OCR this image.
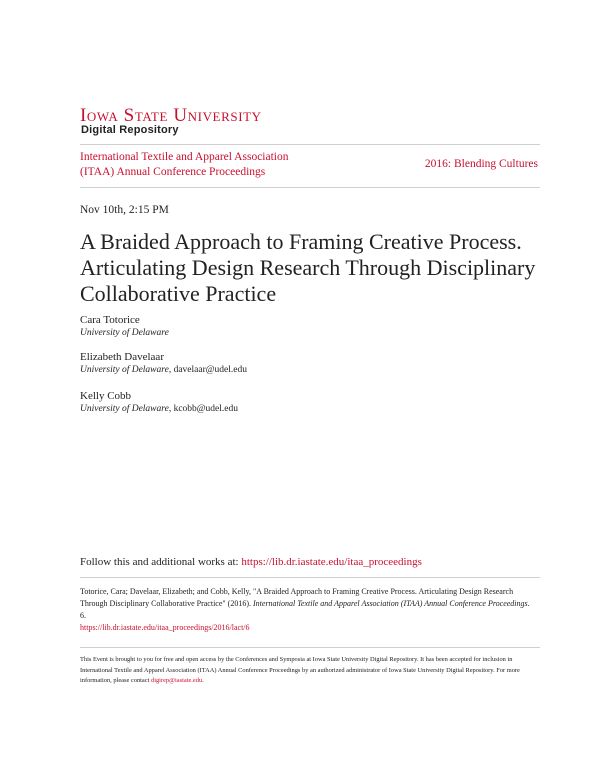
Iowa State University
Digital Repository
International Textile and Apparel Association
(ITAA) Annual Conference Proceedings
2016: Blending Cultures
Nov 10th, 2:15 PM
A Braided Approach to Framing Creative Process. Articulating Design Research Through Disciplinary Collaborative Practice
Cara Totorice
University of Delaware
Elizabeth Davelaar
University of Delaware, davelaar@udel.edu
Kelly Cobb
University of Delaware, kcobb@udel.edu
Follow this and additional works at: https://lib.dr.iastate.edu/itaa_proceedings
Totorice, Cara; Davelaar, Elizabeth; and Cobb, Kelly, "A Braided Approach to Framing Creative Process. Articulating Design Research Through Disciplinary Collaborative Practice" (2016). International Textile and Apparel Association (ITAA) Annual Conference Proceedings. 6.
https://lib.dr.iastate.edu/itaa_proceedings/2016/lact/6
This Event is brought to you for free and open access by the Conferences and Symposia at Iowa State University Digital Repository. It has been accepted for inclusion in International Textile and Apparel Association (ITAA) Annual Conference Proceedings by an authorized administrator of Iowa State University Digital Repository. For more information, please contact digirep@iastate.edu.
